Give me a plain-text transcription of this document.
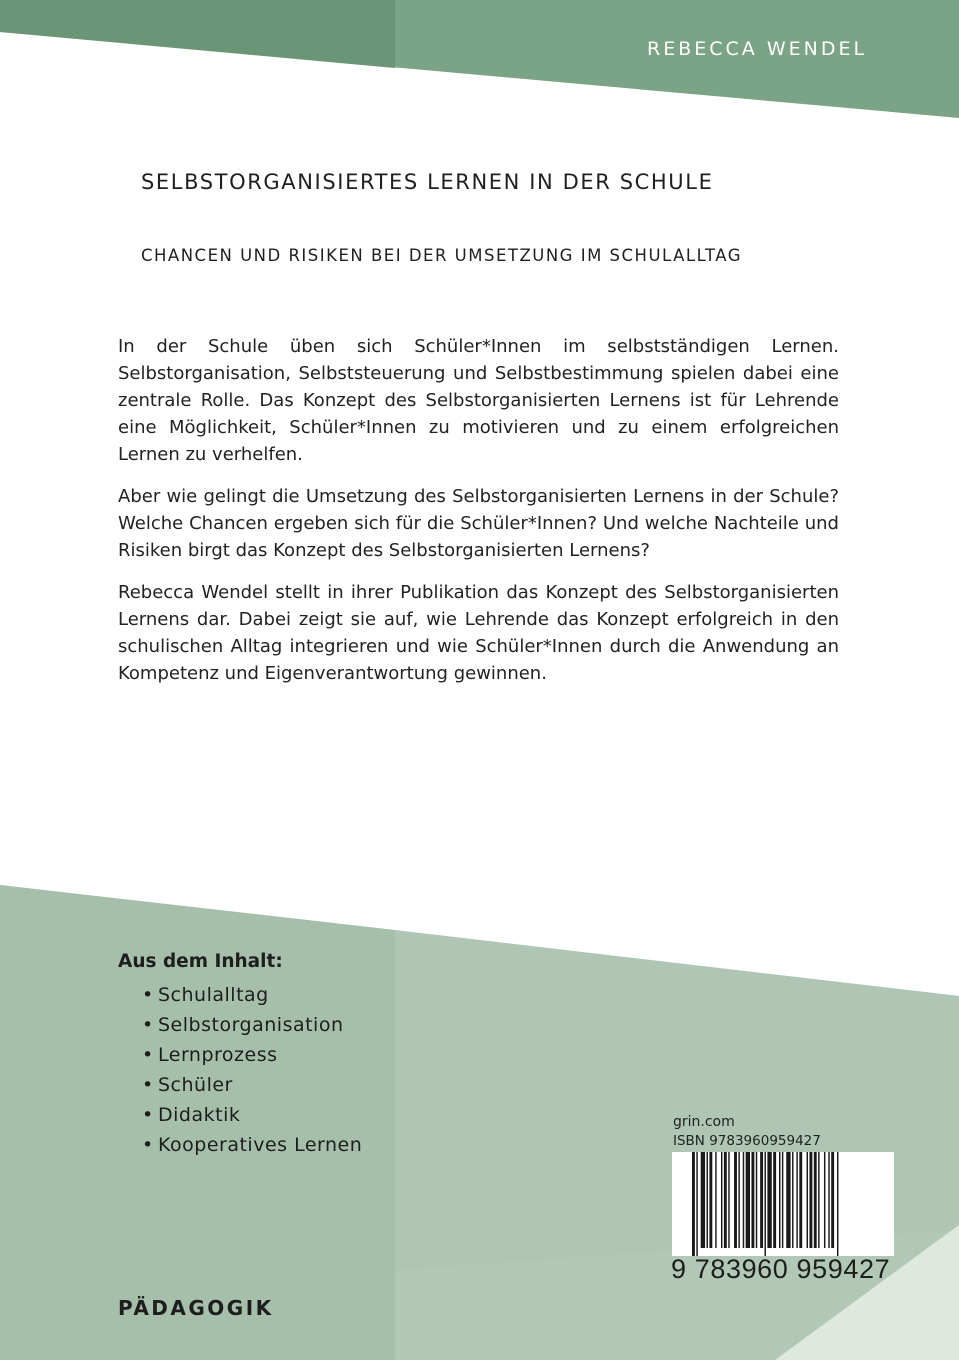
REBECCA WENDEL
SELBSTORGANISIERTES LERNEN IN DER SCHULE
CHANCEN UND RISIKEN BEI DER UMSETZUNG IM SCHULALLTAG

In der Schule üben sich Schüler*Innen im selbstständigen Lernen. Selbstorganisation, Selbststeuerung und Selbstbestimmung spielen dabei eine zentrale Rolle. Das Konzept des Selbstorganisierten Lernens ist für Lehrende eine Möglichkeit, Schüler*Innen zu motivieren und zu einem erfolgreichen Lernen zu verhelfen.

Aber wie gelingt die Umsetzung des Selbstorganisierten Lernens in der Schule? Welche Chancen ergeben sich für die Schüler*Innen? Und welche Nachteile und Risiken birgt das Konzept des Selbstorganisierten Lernens?

Rebecca Wendel stellt in ihrer Publikation das Konzept des Selbstorganisierten Lernens dar. Dabei zeigt sie auf, wie Lehrende das Konzept erfolgreich in den schulischen Alltag integrieren und wie Schüler*Innen durch die Anwendung an Kompetenz und Eigenverantwortung gewinnen.

Aus dem Inhalt:
• Schulalltag
• Selbstorganisation
• Lernprozess
• Schüler
• Didaktik
• Kooperatives Lernen
PÄDAGOGIK
grin.com
ISBN 9783960959427
9 783960 959427
